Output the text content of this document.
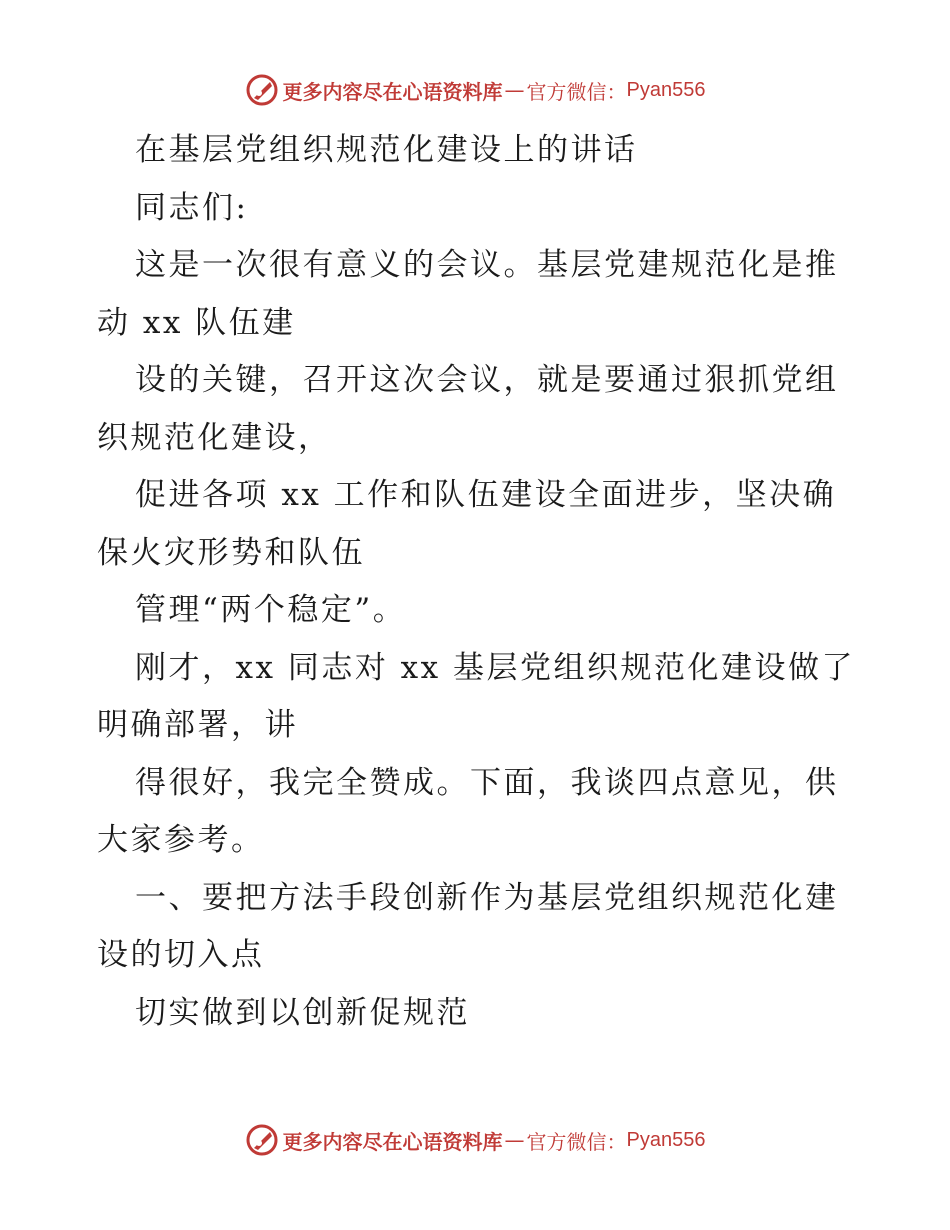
更多内容尽在心语资料库 — 官方微信： Pyan556
在基层党组织规范化建设上的讲话
同志们:
这是一次很有意义的会议。基层党建规范化是推
动 xx 队伍建
设的关键，召开这次会议，就是要通过狠抓党组
织规范化建设，
促进各项 xx 工作和队伍建设全面进步，坚决确
保火灾形势和队伍
管理“两个稳定”。
刚才，xx 同志对 xx 基层党组织规范化建设做了
明确部署，讲
得很好，我完全赞成。下面，我谈四点意见，供
大家参考。
一、要把方法手段创新作为基层党组织规范化建
设的切入点
切实做到以创新促规范
更多内容尽在心语资料库 — 官方微信： Pyan556
